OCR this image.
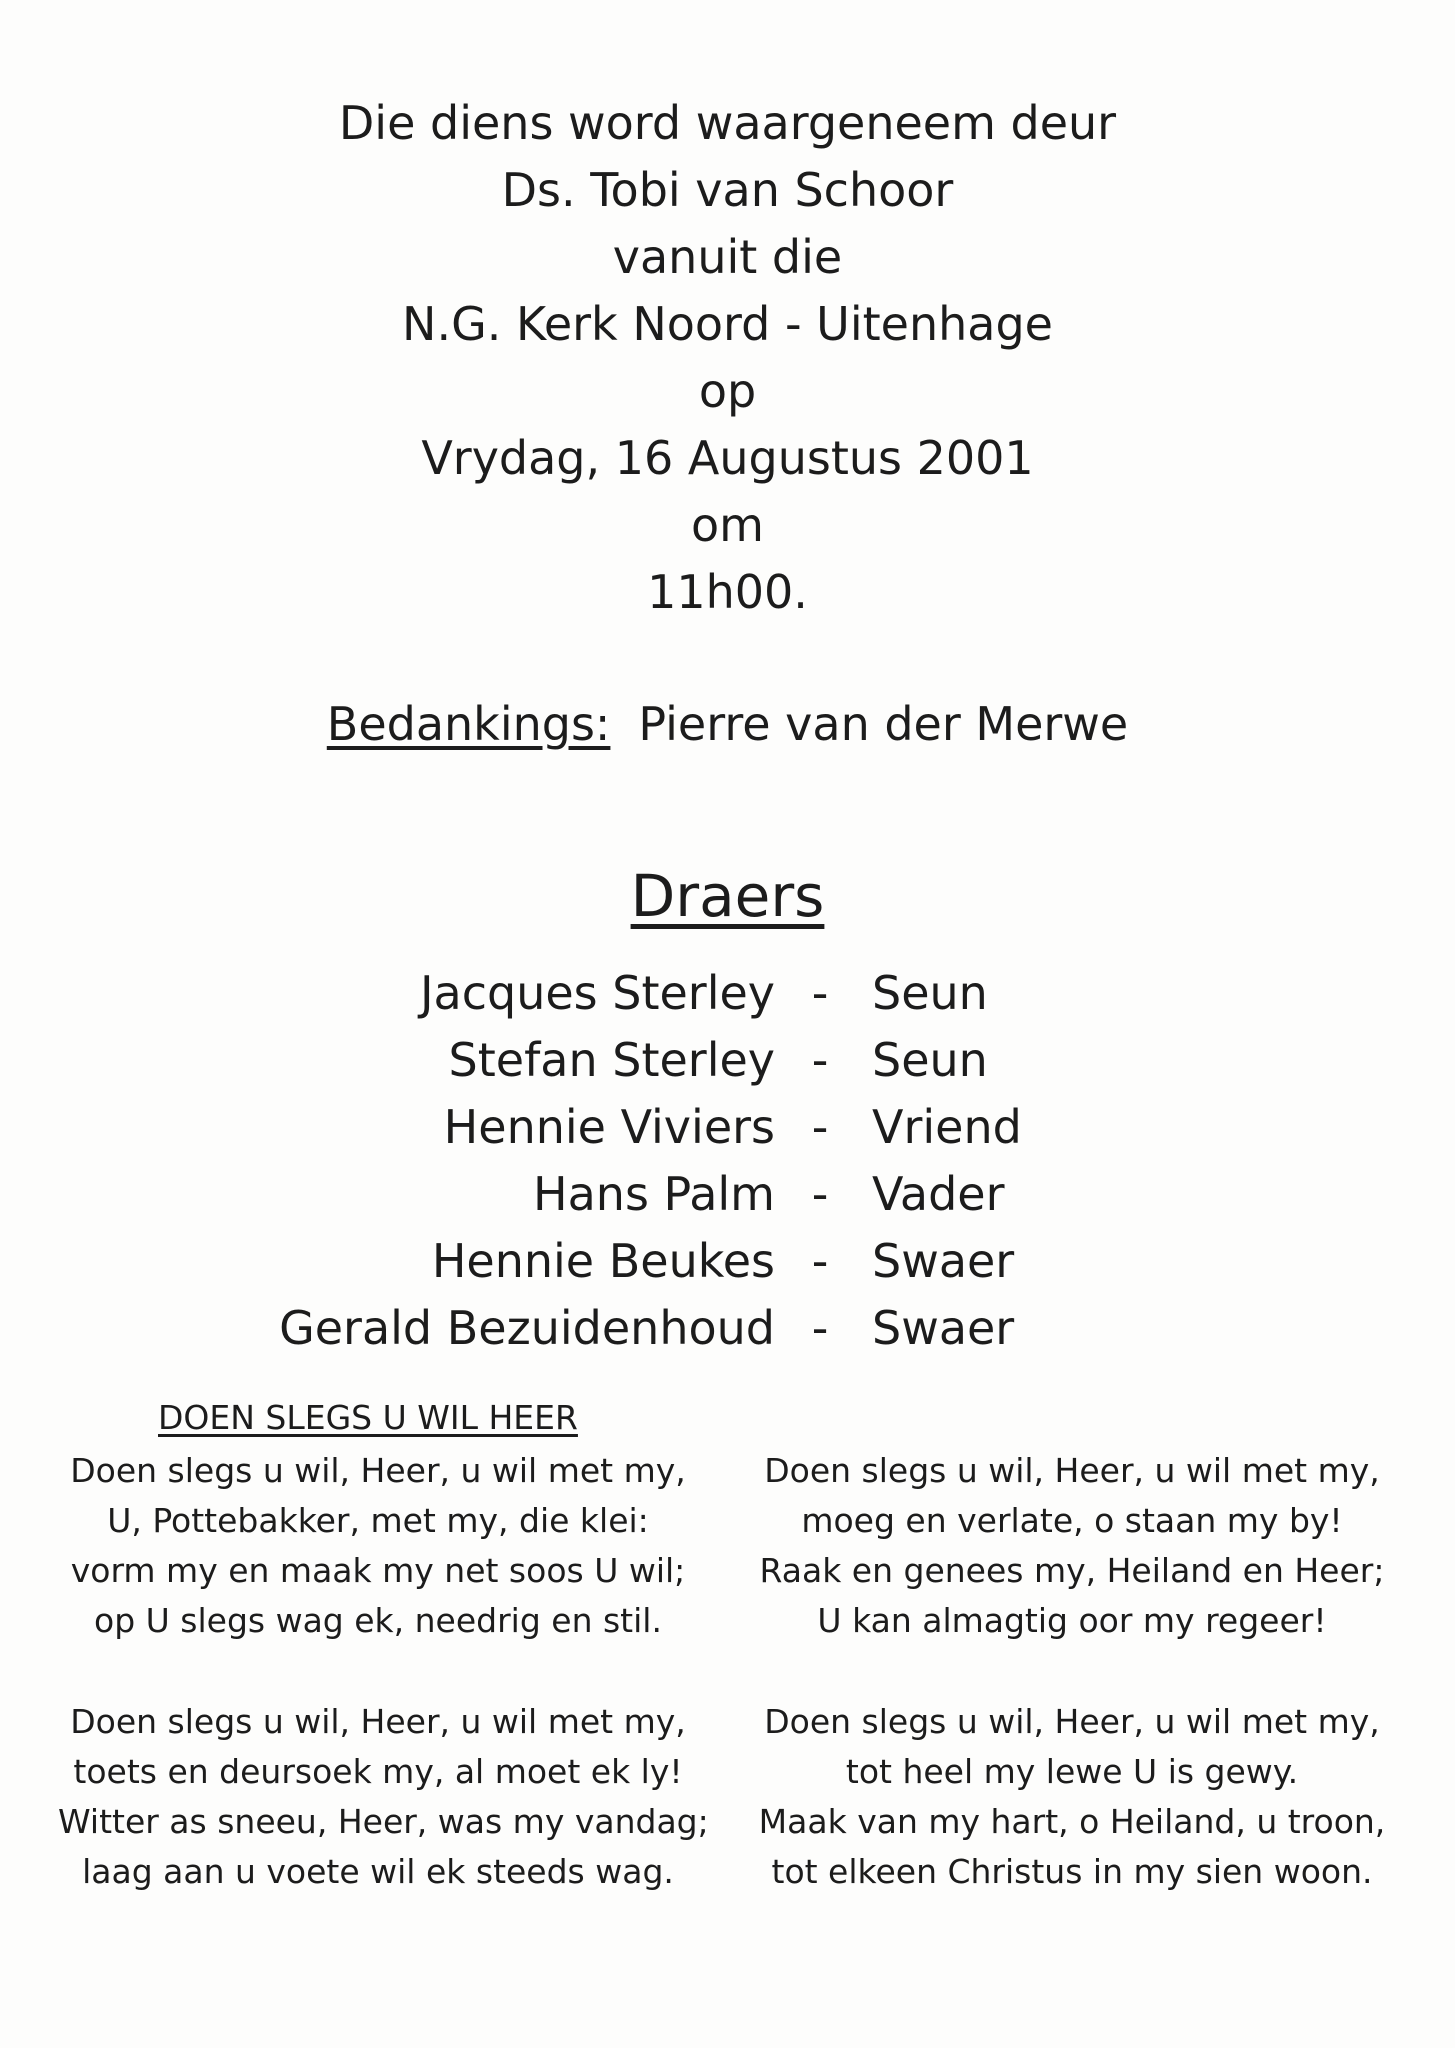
Die diens word waargeneem deur
Ds. Tobi van Schoor
vanuit die
N.G. Kerk Noord - Uitenhage
op
Vrydag, 16 Augustus 2001
om
11h00.
Bedankings: Pierre van der Merwe
Draers
Jacques Sterley - Seun
Stefan Sterley - Seun
Hennie Viviers - Vriend
Hans Palm - Vader
Hennie Beukes - Swaer
Gerald Bezuidenhoud - Swaer
DOEN SLEGS U WIL HEER
Doen slegs u wil, Heer, u wil met my,
U, Pottebakker, met my, die klei:
vorm my en maak my net soos U wil;
op U slegs wag ek, needrig en stil.
Doen slegs u wil, Heer, u wil met my,
moeg en verlate, o staan my by!
Raak en genees my, Heiland en Heer;
U kan almagtig oor my regeer!
Doen slegs u wil, Heer, u wil met my,
toets en deursoek my, al moet ek ly!
Witter as sneeu, Heer, was my vandag;
laag aan u voete wil ek steeds wag.
Doen slegs u wil, Heer, u wil met my,
tot heel my lewe U is gewy.
Maak van my hart, o Heiland, u troon,
tot elkeen Christus in my sien woon.
